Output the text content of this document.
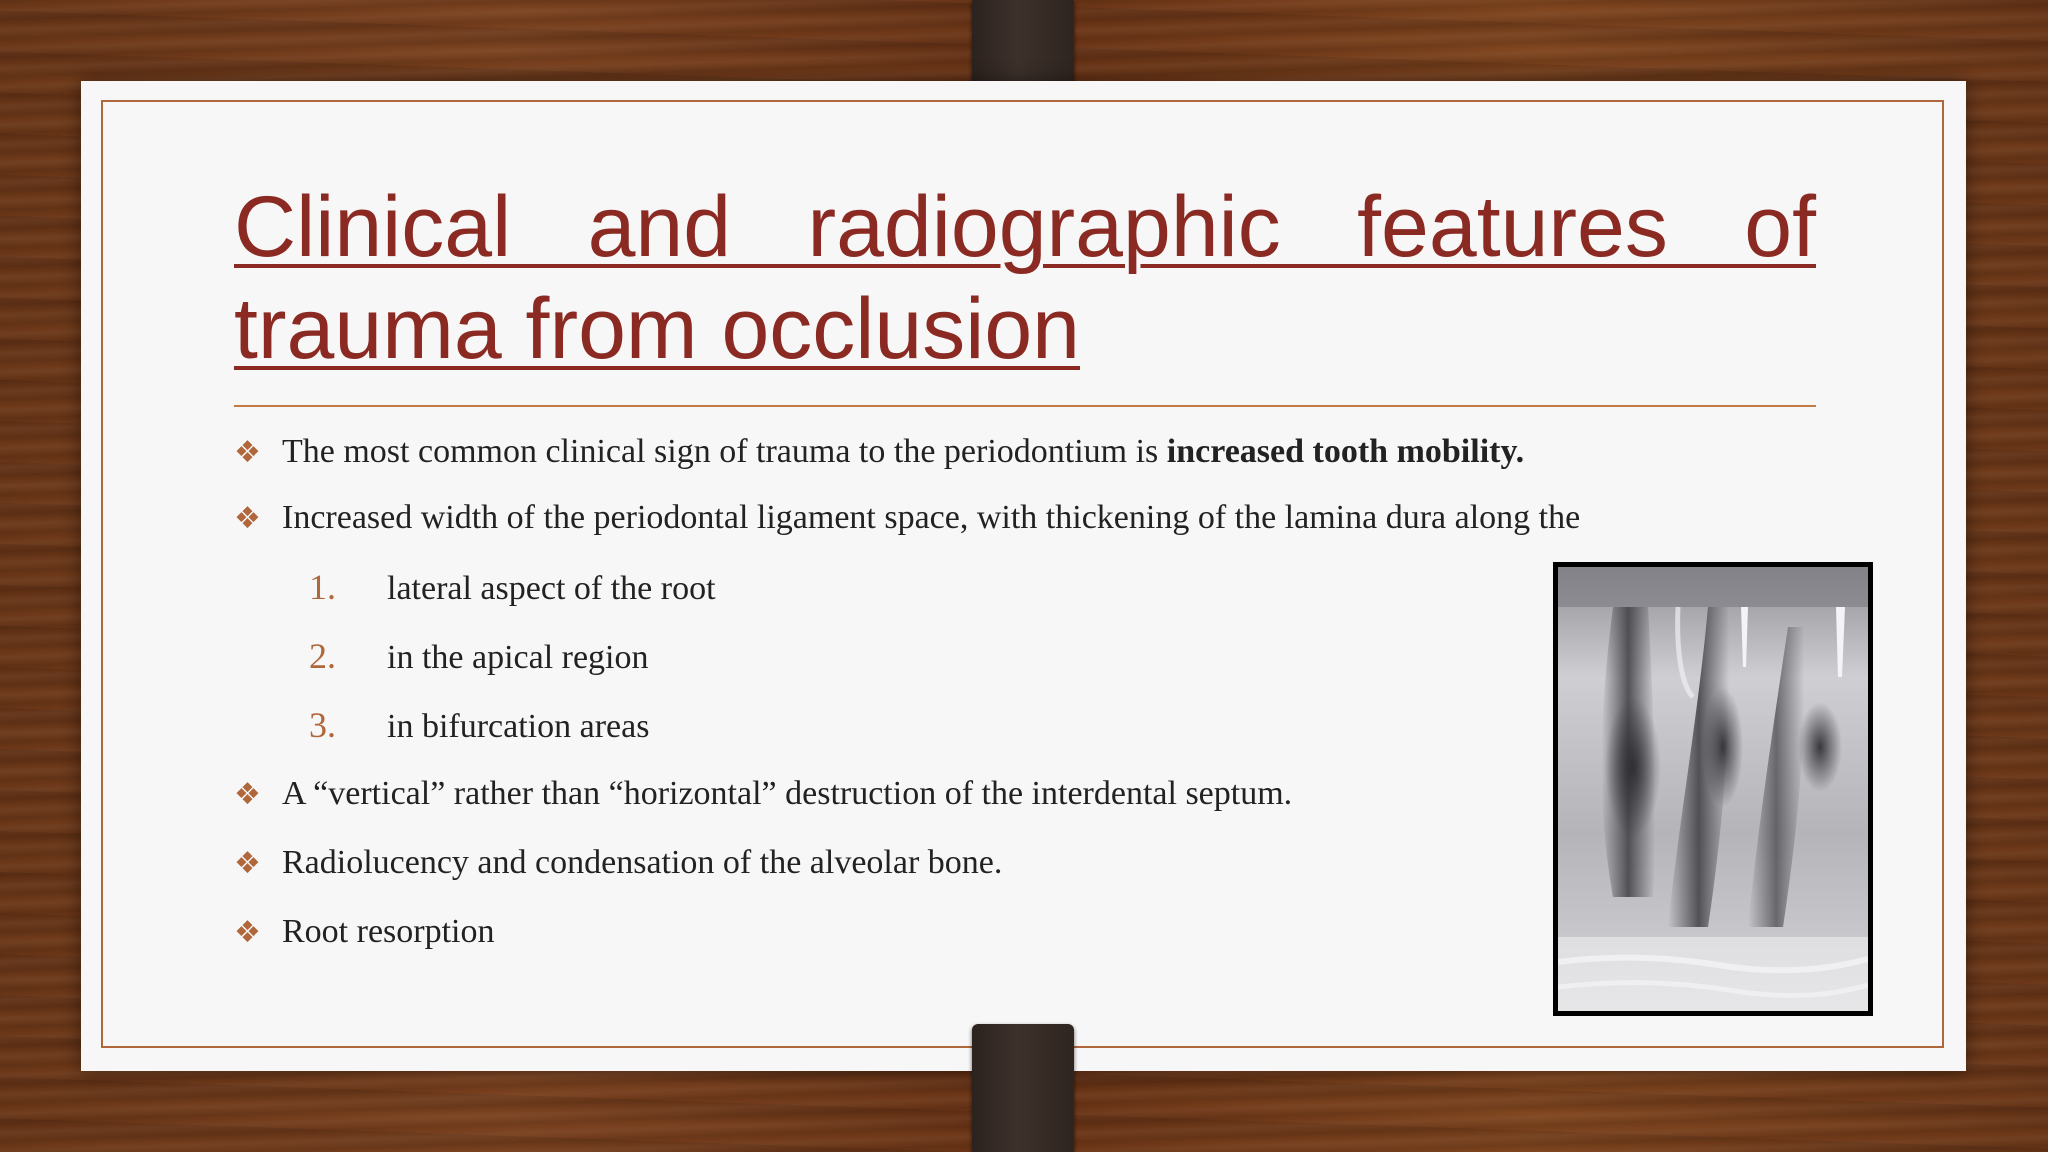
Clinical and radiographic features of trauma from occlusion
❖ The most common clinical sign of trauma to the periodontium is increased tooth mobility.
❖ Increased width of the periodontal ligament space, with thickening of the lamina dura along the
1. lateral aspect of the root
2. in the apical region
3. in bifurcation areas
❖ A “vertical” rather than “horizontal” destruction of the interdental septum.
❖ Radiolucency and condensation of the alveolar bone.
❖ Root resorption
